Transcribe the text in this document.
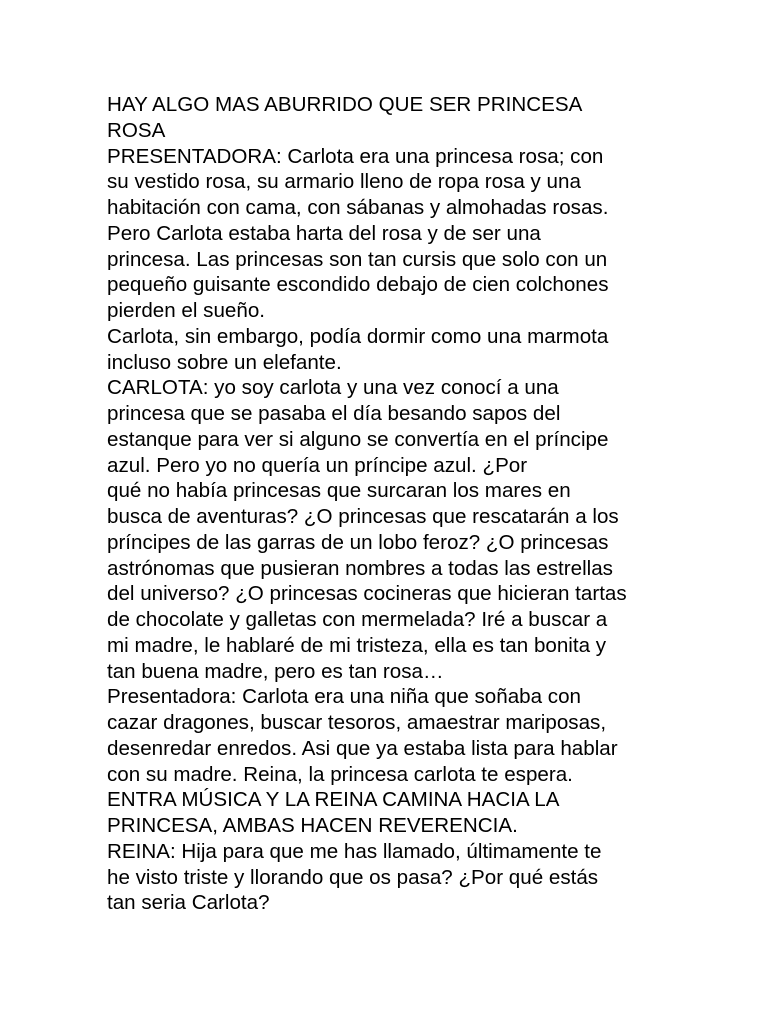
HAY ALGO MAS ABURRIDO QUE SER PRINCESA
ROSA
PRESENTADORA: Carlota era una princesa rosa; con
su vestido rosa, su armario lleno de ropa rosa y una
habitación con cama, con sábanas y almohadas rosas.
Pero Carlota estaba harta del rosa y de ser una
princesa. Las princesas son tan cursis que solo con un
pequeño guisante escondido debajo de cien colchones
pierden el sueño.
Carlota, sin embargo, podía dormir como una marmota
incluso sobre un elefante.
CARLOTA: yo soy carlota y una vez conocí a una
princesa que se pasaba el día besando sapos del
estanque para ver si alguno se convertía en el príncipe
azul. Pero yo no quería un príncipe azul. ¿Por
qué no había princesas que surcaran los mares en
busca de aventuras? ¿O princesas que rescatarán a los
príncipes de las garras de un lobo feroz? ¿O princesas
astrónomas que pusieran nombres a todas las estrellas
del universo? ¿O princesas cocineras que hicieran tartas
de chocolate y galletas con mermelada? Iré a buscar a
mi madre, le hablaré de mi tristeza, ella es tan bonita y
tan buena madre, pero es tan rosa…
Presentadora: Carlota era una niña que soñaba con
cazar dragones, buscar tesoros, amaestrar mariposas,
desenredar enredos. Asi que ya estaba lista para hablar
con su madre. Reina, la princesa carlota te espera.
ENTRA MÚSICA Y LA REINA CAMINA HACIA LA
PRINCESA, AMBAS HACEN REVERENCIA.
REINA: Hija para que me has llamado, últimamente te
he visto triste y llorando que os pasa? ¿Por qué estás
tan seria Carlota?
